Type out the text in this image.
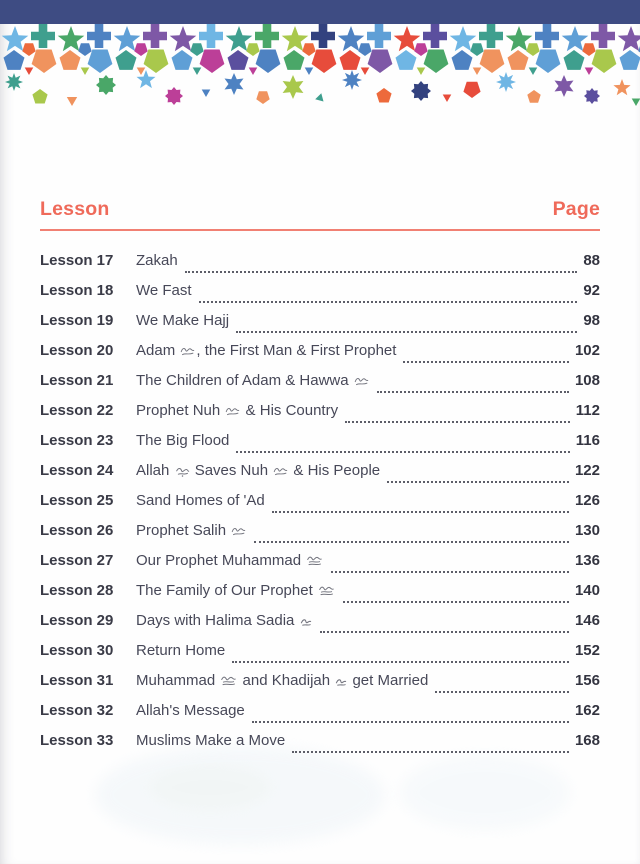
Lesson	Page
Lesson 17	Zakah	88
Lesson 18	We Fast	92
Lesson 19	We Make Hajj	98
Lesson 20	Adam , the First Man & First Prophet	102
Lesson 21	The Children of Adam & Hawwa	108
Lesson 22	Prophet Nuh  & His Country	112
Lesson 23	The Big Flood	116
Lesson 24	Allah  Saves Nuh  & His People	122
Lesson 25	Sand Homes of 'Ad	126
Lesson 26	Prophet Salih	130
Lesson 27	Our Prophet Muhammad	136
Lesson 28	The Family of Our Prophet	140
Lesson 29	Days with Halima Sadia	146
Lesson 30	Return Home	152
Lesson 31	Muhammad  and Khadijah  get Married	156
Lesson 32	Allah's Message	162
Lesson 33	Muslims Make a Move	168
